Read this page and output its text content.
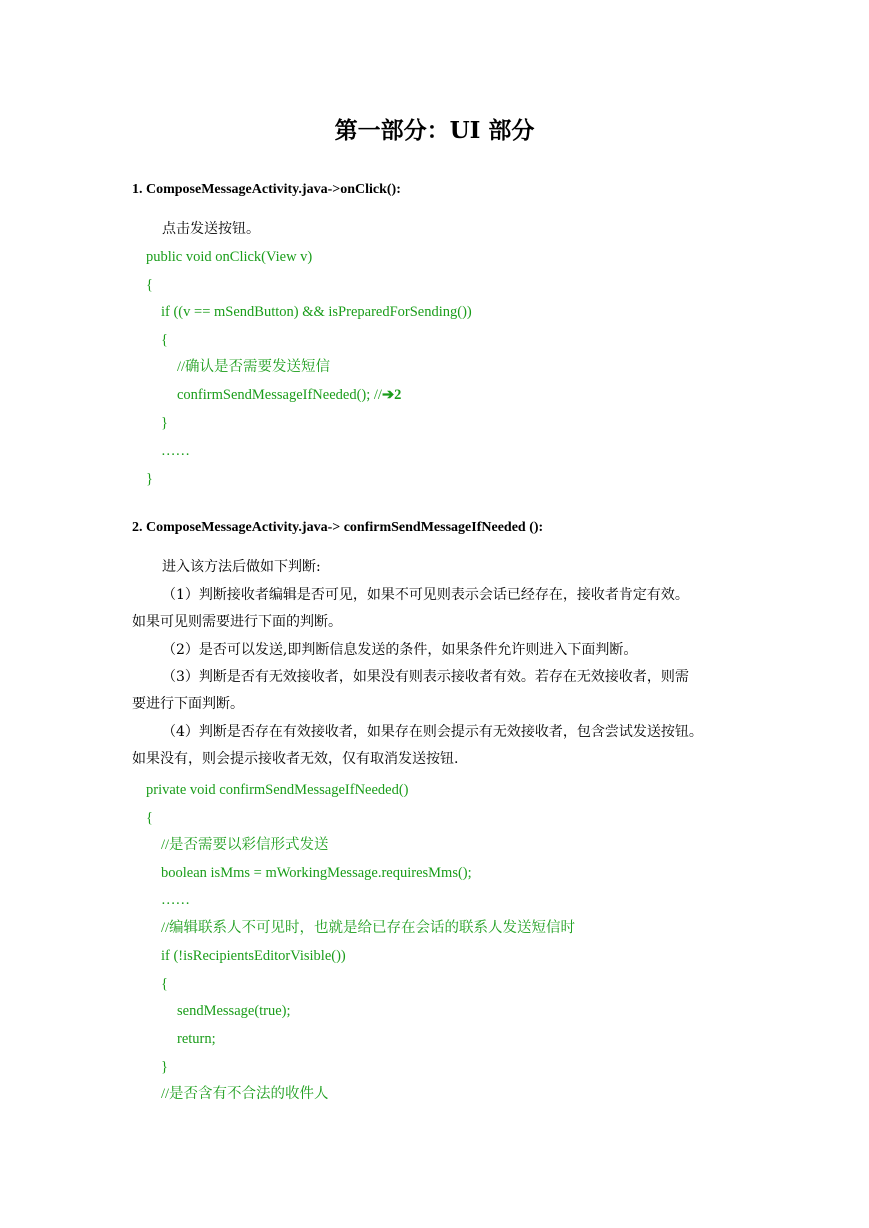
第一部分：UI 部分
1. ComposeMessageActivity.java->onClick():
点击发送按钮。
public void onClick(View v)
{
if ((v == mSendButton) && isPreparedForSending())
{
//确认是否需要发送短信
confirmSendMessageIfNeeded(); //➔2
}
……
}
2. ComposeMessageActivity.java-> confirmSendMessageIfNeeded ():
进入该方法后做如下判断:
（1）判断接收者编辑是否可见，如果不可见则表示会话已经存在，接收者肯定有效。
如果可见则需要进行下面的判断。
（2）是否可以发送,即判断信息发送的条件，如果条件允许则进入下面判断。
（3）判断是否有无效接收者，如果没有则表示接收者有效。若存在无效接收者，则需
要进行下面判断。
（4）判断是否存在有效接收者，如果存在则会提示有无效接收者，包含尝试发送按钮。
如果没有，则会提示接收者无效，仅有取消发送按钮.
private void confirmSendMessageIfNeeded()
{
//是否需要以彩信形式发送
boolean isMms = mWorkingMessage.requiresMms();
……
//编辑联系人不可见时，也就是给已存在会话的联系人发送短信时
if (!isRecipientsEditorVisible())
{
sendMessage(true);
return;
}
//是否含有不合法的收件人
